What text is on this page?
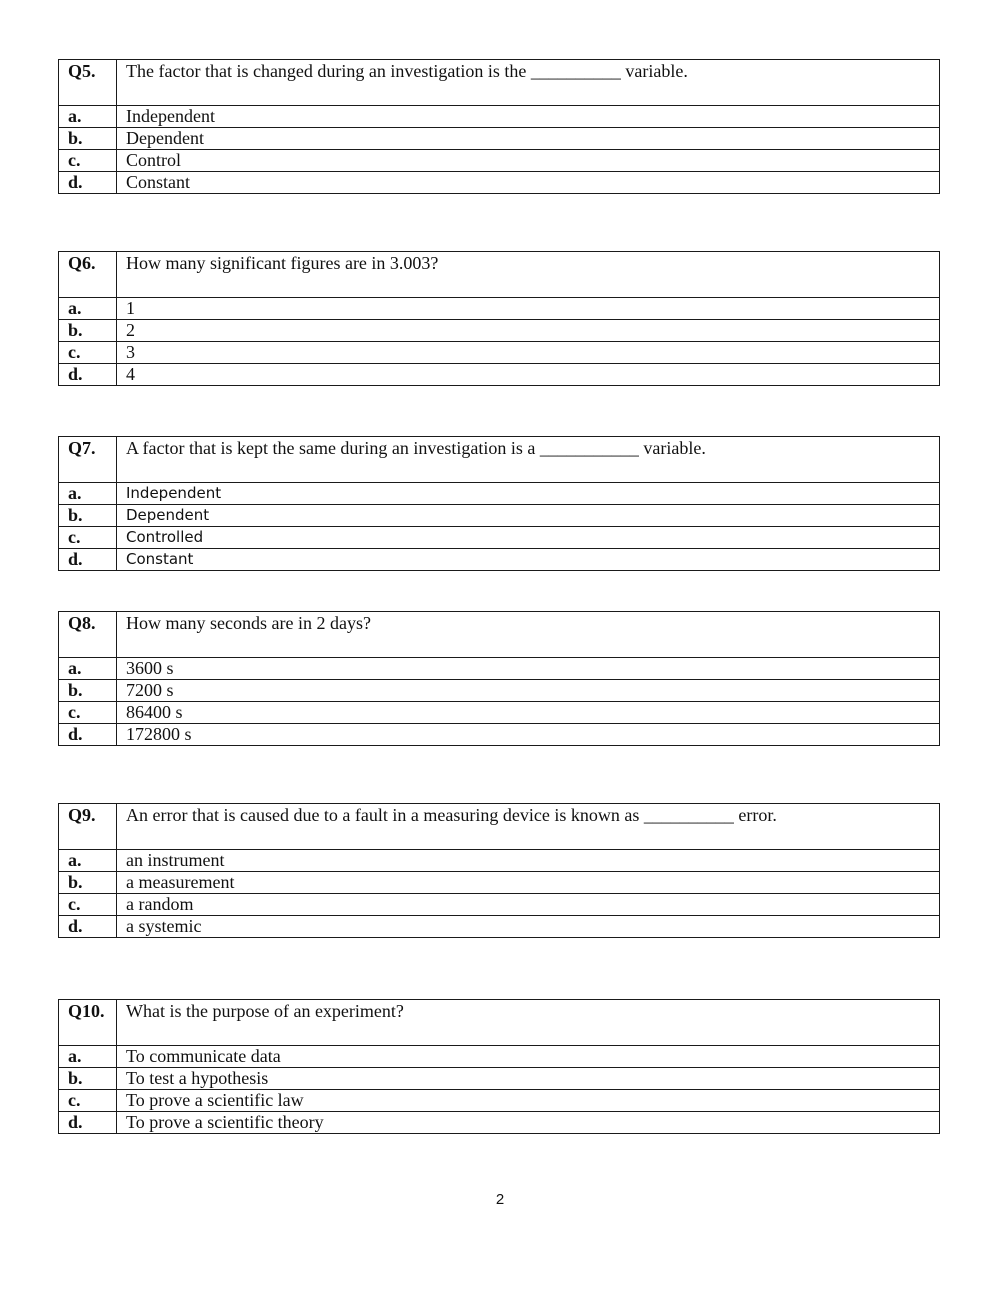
Q5.	The factor that is changed during an investigation is the __________ variable.
a.	Independent
b.	Dependent
c.	Control
d.	Constant
Q6.	How many significant figures are in 3.003?
a.	1
b.	2
c.	3
d.	4
Q7.	A factor that is kept the same during an investigation is a ___________ variable.
a.	Independent
b.	Dependent
c.	Controlled
d.	Constant
Q8.	How many seconds are in 2 days?
a.	3600 s
b.	7200 s
c.	86400 s
d.	172800 s
Q9.	An error that is caused due to a fault in a measuring device is known as __________ error.
a.	an instrument
b.	a measurement
c.	a random
d.	a systemic
Q10.	What is the purpose of an experiment?
a.	To communicate data
b.	To test a hypothesis
c.	To prove a scientific law
d.	To prove a scientific theory
2
